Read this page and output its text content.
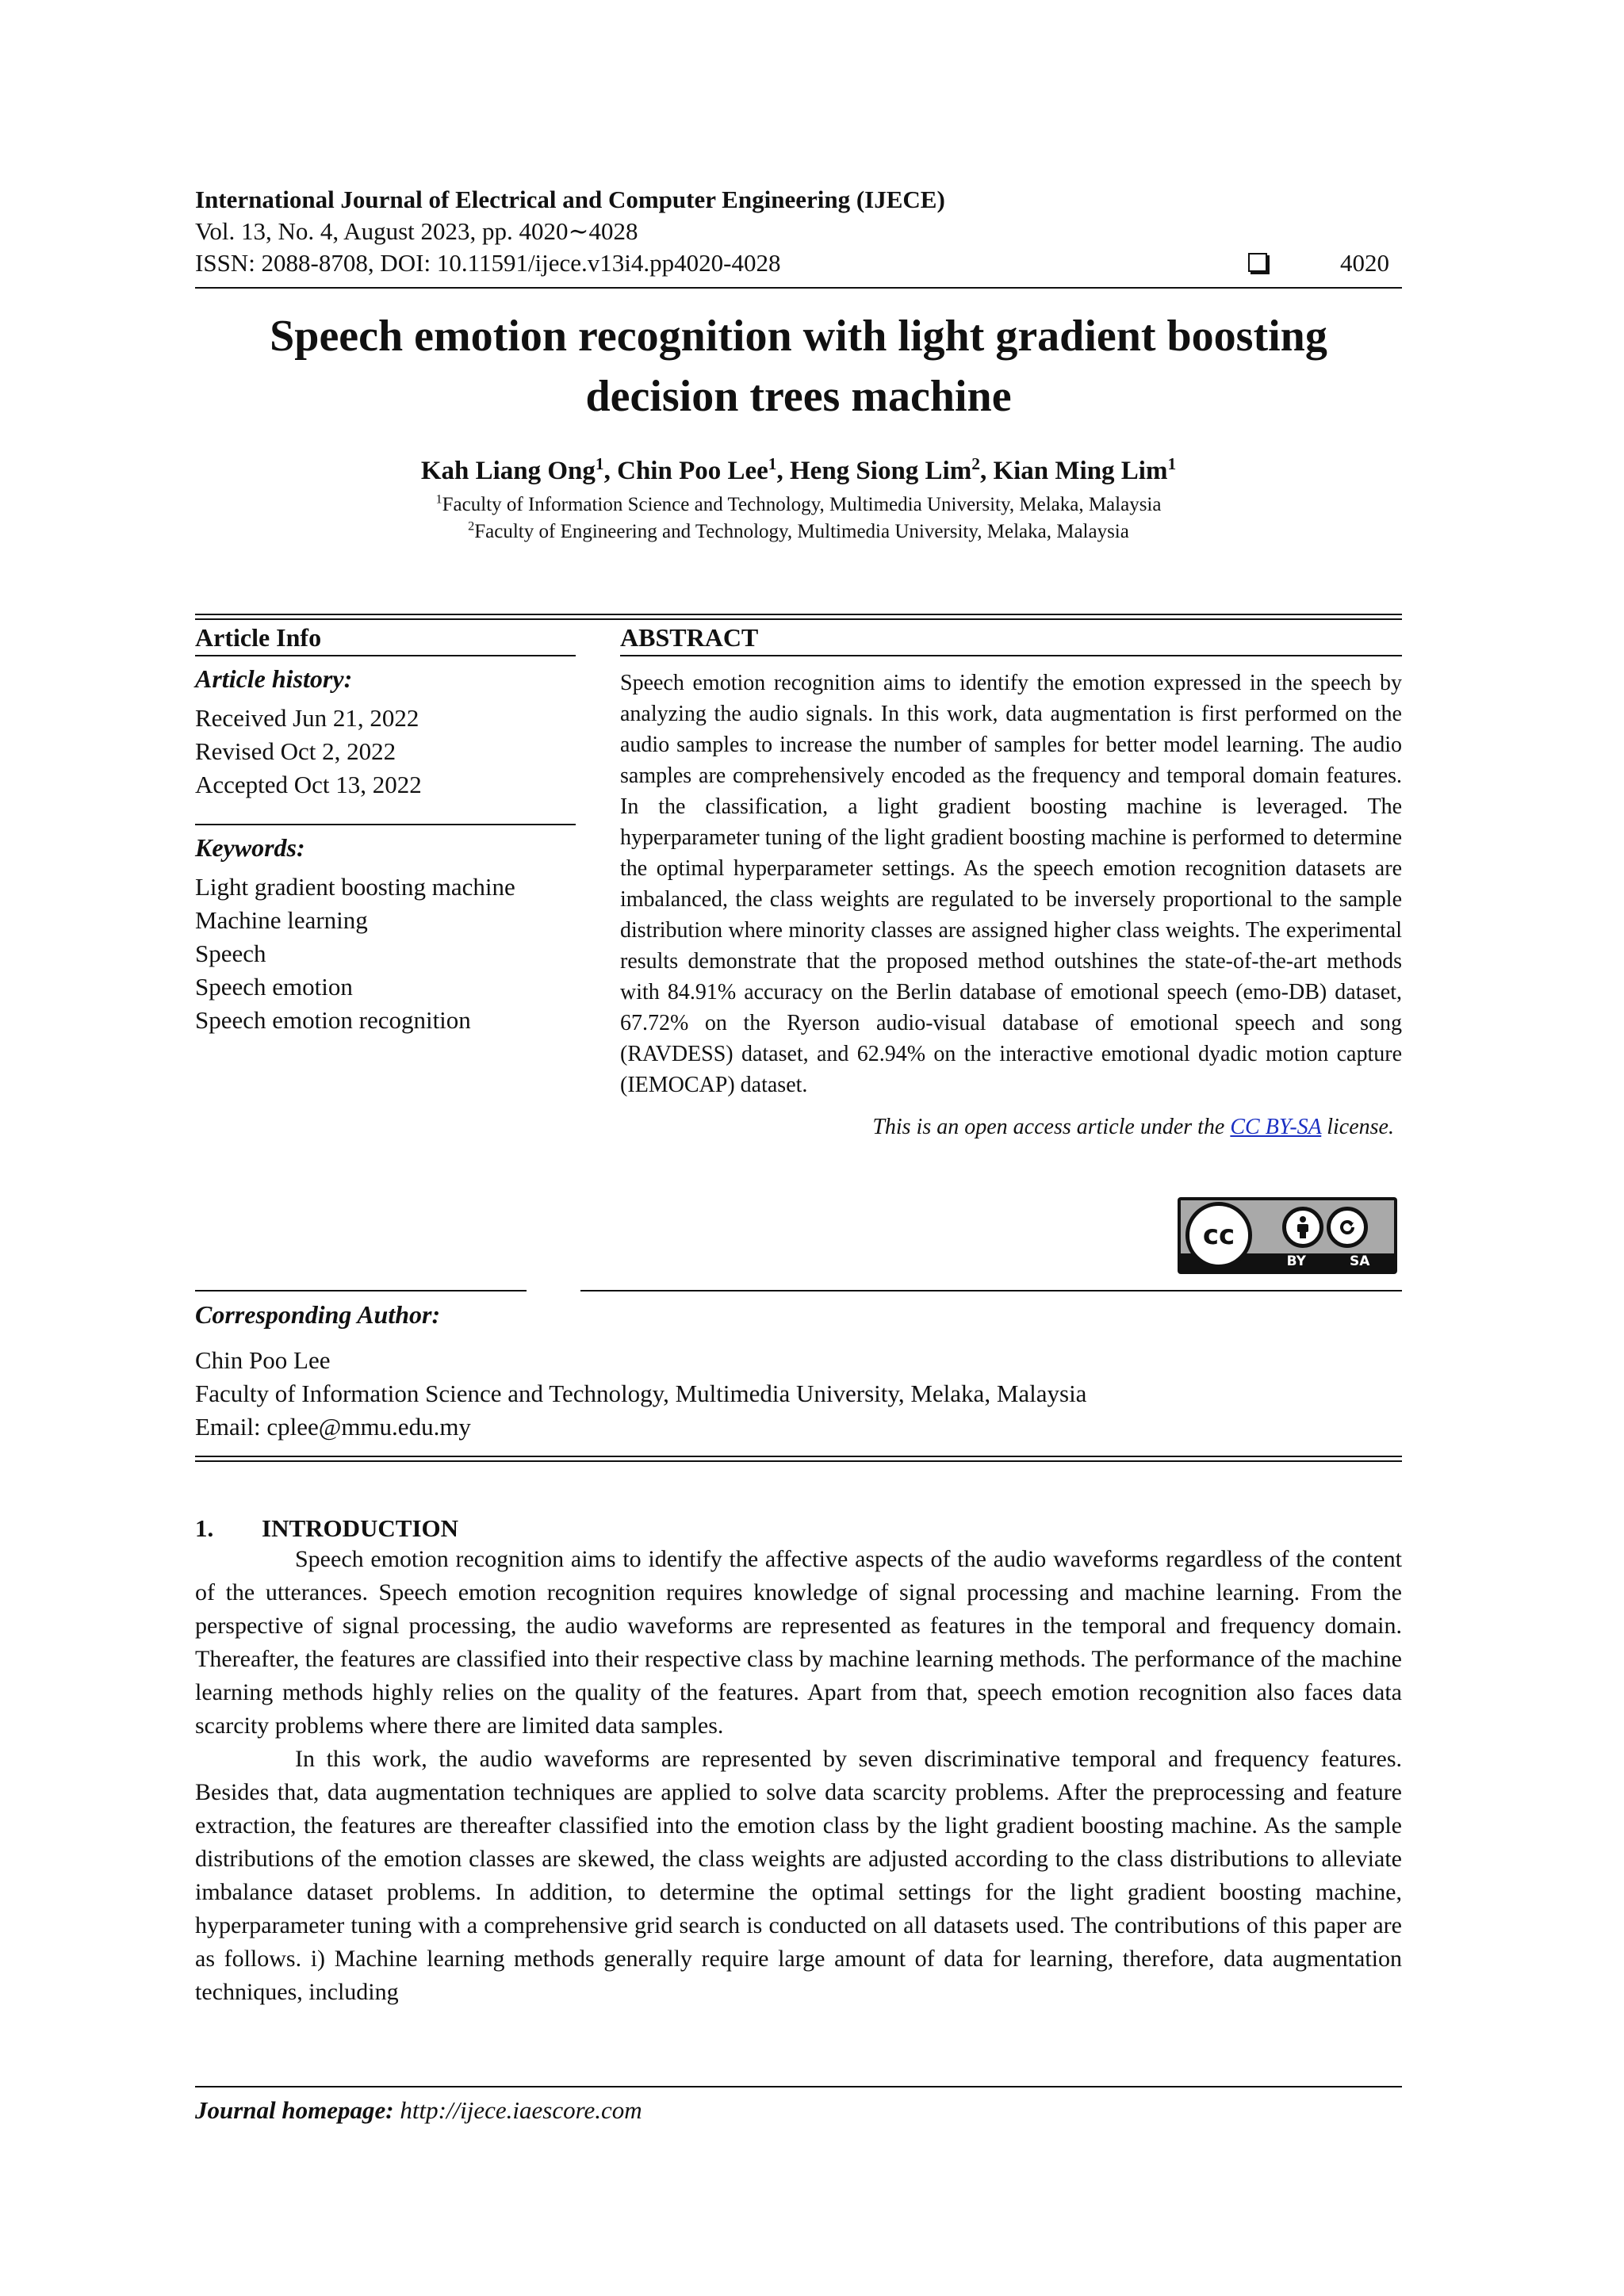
International Journal of Electrical and Computer Engineering (IJECE)
Vol. 13, No. 4, August 2023, pp. 4020∼4028
ISSN: 2088-8708, DOI: 10.11591/ijece.v13i4.pp4020-4028	4020
Speech emotion recognition with light gradient boosting decision trees machine
Kah Liang Ong$^1$, Chin Poo Lee$^1$, Heng Siong Lim$^2$, Kian Ming Lim$^1$
$^1$Faculty of Information Science and Technology, Multimedia University, Melaka, Malaysia
$^2$Faculty of Engineering and Technology, Multimedia University, Melaka, Malaysia
Article Info
Article history:
Received Jun 21, 2022
Revised Oct 2, 2022
Accepted Oct 13, 2022
Keywords:
Light gradient boosting machine
Machine learning
Speech
Speech emotion
Speech emotion recognition
ABSTRACT
Speech emotion recognition aims to identify the emotion expressed in the speech by analyzing the audio signals. In this work, data augmentation is first performed on the audio samples to increase the number of samples for better model learning. The audio samples are comprehensively encoded as the frequency and temporal domain features. In the classification, a light gradient boosting machine is leveraged. The hyperparameter tuning of the light gradient boosting machine is performed to determine the optimal hyperparameter settings. As the speech emotion recognition datasets are imbalanced, the class weights are regulated to be inversely proportional to the sample distribution where minority classes are assigned higher class weights. The experimental results demonstrate that the proposed method outshines the state-of-the-art methods with 84.91% accuracy on the Berlin database of emotional speech (emo-DB) dataset, 67.72% on the Ryerson audio-visual database of emotional speech and song (RAVDESS) dataset, and 62.94% on the interactive emotional dyadic motion capture (IEMOCAP) dataset.
This is an open access article under the CC BY-SA license.
cc
BY	SA
Corresponding Author:
Chin Poo Lee
Faculty of Information Science and Technology, Multimedia University, Melaka, Malaysia
Email: cplee@mmu.edu.my
1. INTRODUCTION

Speech emotion recognition aims to identify the affective aspects of the audio waveforms regardless of the content of the utterances. Speech emotion recognition requires knowledge of signal processing and machine learning. From the perspective of signal processing, the audio waveforms are represented as features in the temporal and frequency domain. Thereafter, the features are classified into their respective class by machine learning methods. The performance of the machine learning methods highly relies on the quality of the features. Apart from that, speech emotion recognition also faces data scarcity problems where there are limited data samples.

In this work, the audio waveforms are represented by seven discriminative temporal and frequency features. Besides that, data augmentation techniques are applied to solve data scarcity problems. After the preprocessing and feature extraction, the features are thereafter classified into the emotion class by the light gradient boosting machine. As the sample distributions of the emotion classes are skewed, the class weights are adjusted according to the class distributions to alleviate imbalance dataset problems. In addition, to determine the optimal settings for the light gradient boosting machine, hyperparameter tuning with a comprehensive grid search is conducted on all datasets used. The contributions of this paper are as follows. i) Machine learning methods generally require large amount of data for learning, therefore, data augmentation techniques, including

Journal homepage: http://ijece.iaescore.com
